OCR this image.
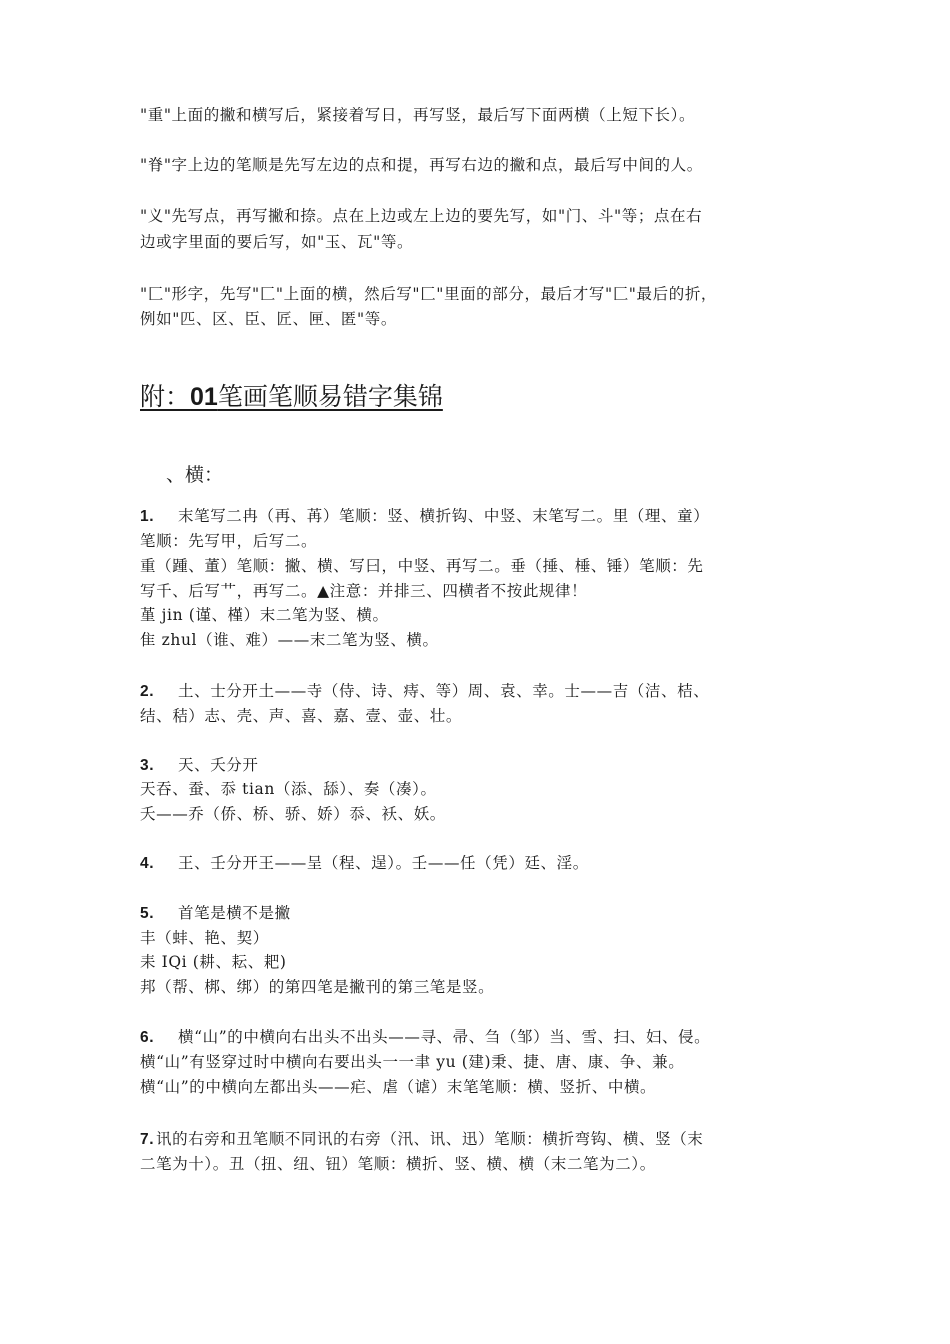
"重"上面的撇和横写后，紧接着写日，再写竖，最后写下面两横（上短下长）。
"脊"字上边的笔顺是先写左边的点和提，再写右边的撇和点，最后写中间的人。
"义"先写点，再写撇和捺。点在上边或左上边的要先写，如"门、斗"等；点在右
边或字里面的要后写，如"玉、瓦"等。
"匚"形字，先写"匚"上面的横，然后写"匚"里面的部分，最后才写"匚"最后的折，
例如"匹、区、臣、匠、匣、匿"等。
附：01笔画笔顺易错字集锦
、横：
1. 末笔写二冉（再、苒）笔顺：竖、横折钩、中竖、末笔写二。里（理、童）
笔顺：先写甲，后写二。
重（踵、董）笔顺：撇、横、写曰，中竖、再写二。垂（捶、棰、锤）笔顺：先
写千、后写艹，再写二。▲注意：并排三、四横者不按此规律！
堇 jin (谨、槿）末二笔为竖、横。
隹 zhul（谁、难）——末二笔为竖、横。
2. 土、士分开土——寺（侍、诗、痔、等）周、袁、幸。士——吉（洁、桔、
结、秸）志、壳、声、喜、嘉、壹、壶、壮。
3. 天、夭分开
天吞、蚕、忝 tian（添、舔）、奏（凑）。
夭——乔（侨、桥、骄、娇）忝、袄、妖。
4. 王、壬分开王——呈（程、逞）。壬——任（凭）廷、淫。
5. 首笔是横不是撇
丰（蚌、艳、契）
耒 IQi (耕、耘、耙)
邦（帮、梆、绑）的第四笔是撇刊的第三笔是竖。
6. 横“山”的中横向右出头不出头——寻、帚、刍（邹）当、雪、扫、妇、侵。
横“山”有竖穿过时中横向右要出头一一聿 yu (建)秉、捷、唐、康、争、兼。
横“山”的中横向左都出头——疟、虐（谑）末笔笔顺：横、竖折、中横。
7. 讯的右旁和丑笔顺不同讯的右旁（汛、讯、迅）笔顺：横折弯钩、横、竖（末
二笔为十）。丑（扭、纽、钮）笔顺：横折、竖、横、横（末二笔为二）。
